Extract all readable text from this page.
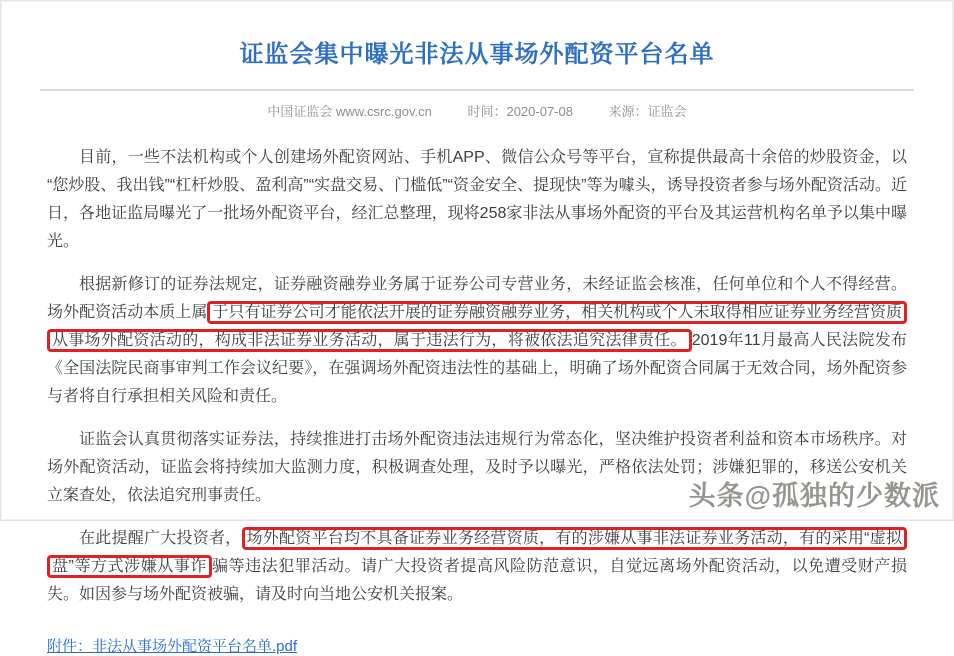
证监会集中曝光非法从事场外配资平台名单
中国证监会 www.csrc.gov.cn	时间：2020-07-08	来源：证监会

目前，一些不法机构或个人创建场外配资网站、手机APP、微信公众号等平台，宣称提供最高十余倍的炒股资金，以“您炒股、我出钱”“杠杆炒股、盈利高”“实盘交易、门槛低”“资金安全、提现快”等为噱头，诱导投资者参与场外配资活动。近日，各地证监局曝光了一批场外配资平台，经汇总整理，现将258家非法从事场外配资的平台及其运营机构名单予以集中曝光。

根据新修订的证券法规定，证券融资融券业务属于证券公司专营业务，未经证监会核准，任何单位和个人不得经营。场外配资活动本质上属 于只有证券公司才能依法开展的证券融资融券业务，相关机构或个人未取得相应证券业务经营资质从事场外配资活动的，构成非法证券业务活动，属于违法行为，将被依法追究法律责任。 2019年11月最高人民法院发布《全国法院民商事审判工作会议纪要》，在强调场外配资违法性的基础上，明确了场外配资合同属于无效合同，场外配资参与者将自行承担相关风险和责任。

证监会认真贯彻落实证券法，持续推进打击场外配资违法违规行为常态化，坚决维护投资者利益和资本市场秩序。对场外配资活动，证监会将持续加大监测力度，积极调查处理，及时予以曝光，严格依法处罚；涉嫌犯罪的，移送公安机关立案查处，依法追究刑事责任。

在此提醒广大投资者， 场外配资平台均不具备证券业务经营资质，有的涉嫌从事非法证券业务活动，有的采用“虚拟盘”等方式涉嫌从事诈 骗等违法犯罪活动。请广大投资者提高风险防范意识，自觉远离场外配资活动，以免遭受财产损失。如因参与场外配资被骗，请及时向当地公安机关报案。

附件：非法从事场外配资平台名单.pdf
头条@孤独的少数派
